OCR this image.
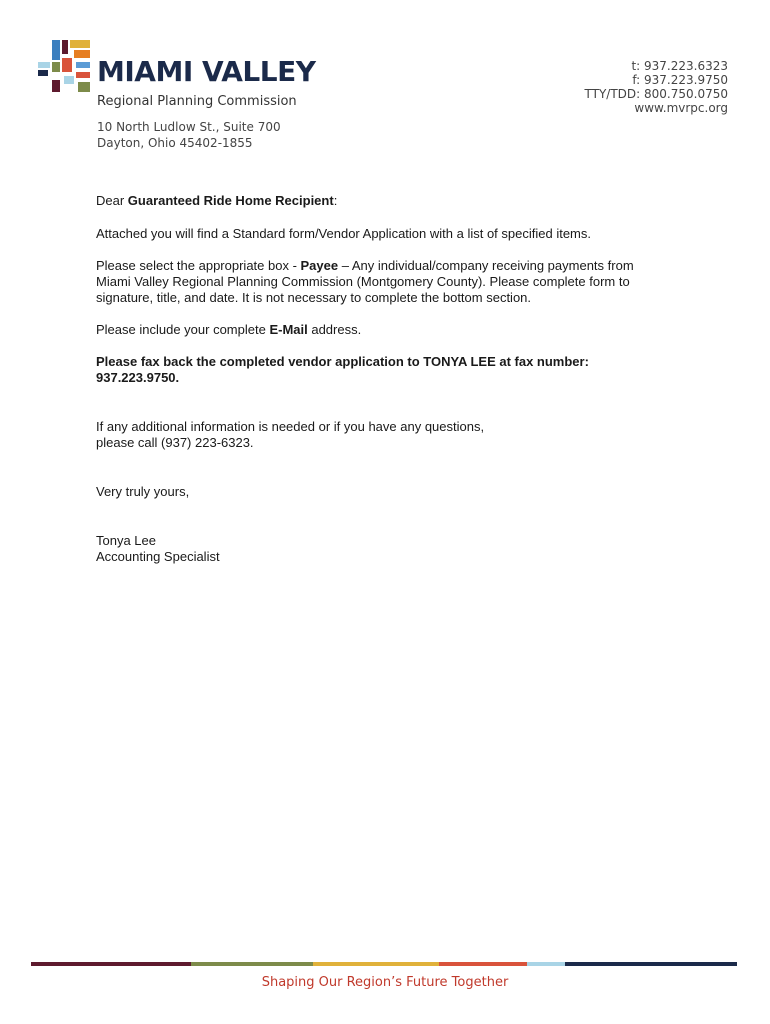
MIAMI VALLEY
Regional Planning Commission
10 North Ludlow St., Suite 700
Dayton, Ohio 45402-1855
t: 937.223.6323
f: 937.223.9750
TTY/TDD: 800.750.0750
www.mvrpc.org

Dear Guaranteed Ride Home Recipient:

Attached you will find a Standard form/Vendor Application with a list of specified items.

Please select the appropriate box - Payee – Any individual/company receiving payments from
Miami Valley Regional Planning Commission (Montgomery County). Please complete form to
signature, title, and date. It is not necessary to complete the bottom section.

Please include your complete E-Mail address.

Please fax back the completed vendor application to TONYA LEE at fax number:
937.223.9750.

If any additional information is needed or if you have any questions,
please call (937) 223-6323.

Very truly yours,

Tonya Lee
Accounting Specialist

Shaping Our Region’s Future Together
